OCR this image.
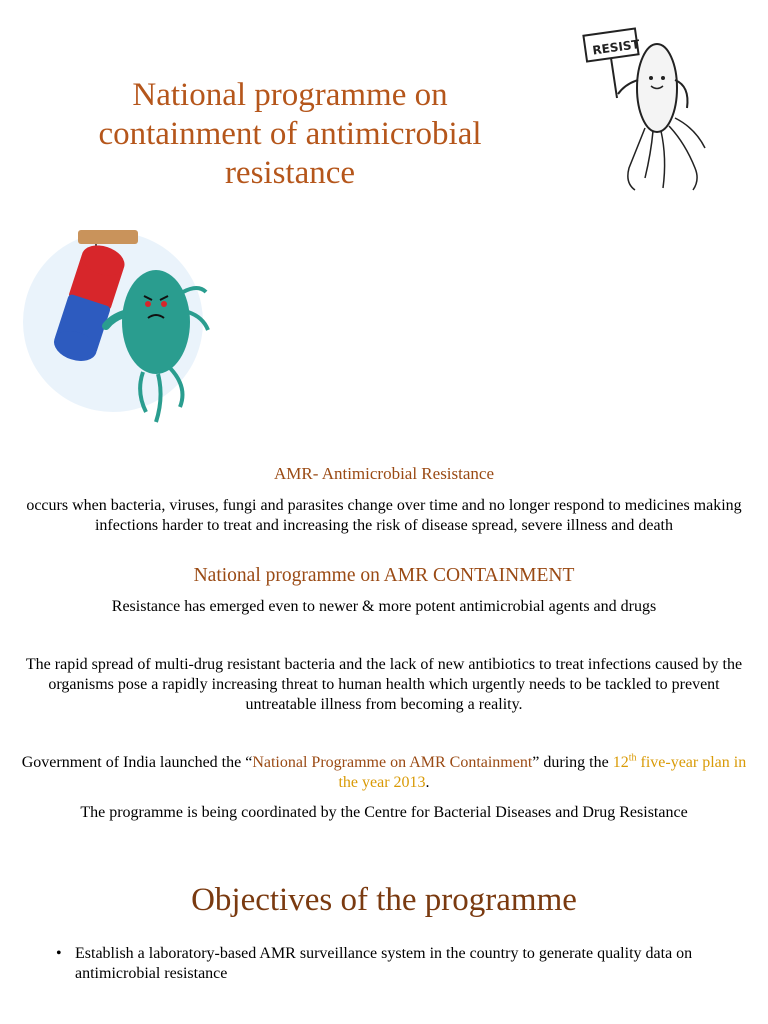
National programme on containment of antimicrobial resistance
RESIST
AMR- Antimicrobial Resistance
occurs when bacteria, viruses, fungi and parasites change over time and no longer respond to medicines making infections harder to treat and increasing the risk of disease spread, severe illness and death
National programme on AMR CONTAINMENT
Resistance has emerged even to newer & more potent antimicrobial agents and drugs
The rapid spread of multi-drug resistant bacteria and the lack of new antibiotics to treat infections caused by the organisms pose a rapidly increasing threat to human health which urgently needs to be tackled to prevent untreatable illness from becoming a reality.
Government of India launched the “National Programme on AMR Containment” during the 12th five-year plan in the year 2013.
The programme is being coordinated by the Centre for Bacterial Diseases and Drug Resistance
Objectives of the programme
• Establish a laboratory-based AMR surveillance system in the country to generate quality data on antimicrobial resistance
